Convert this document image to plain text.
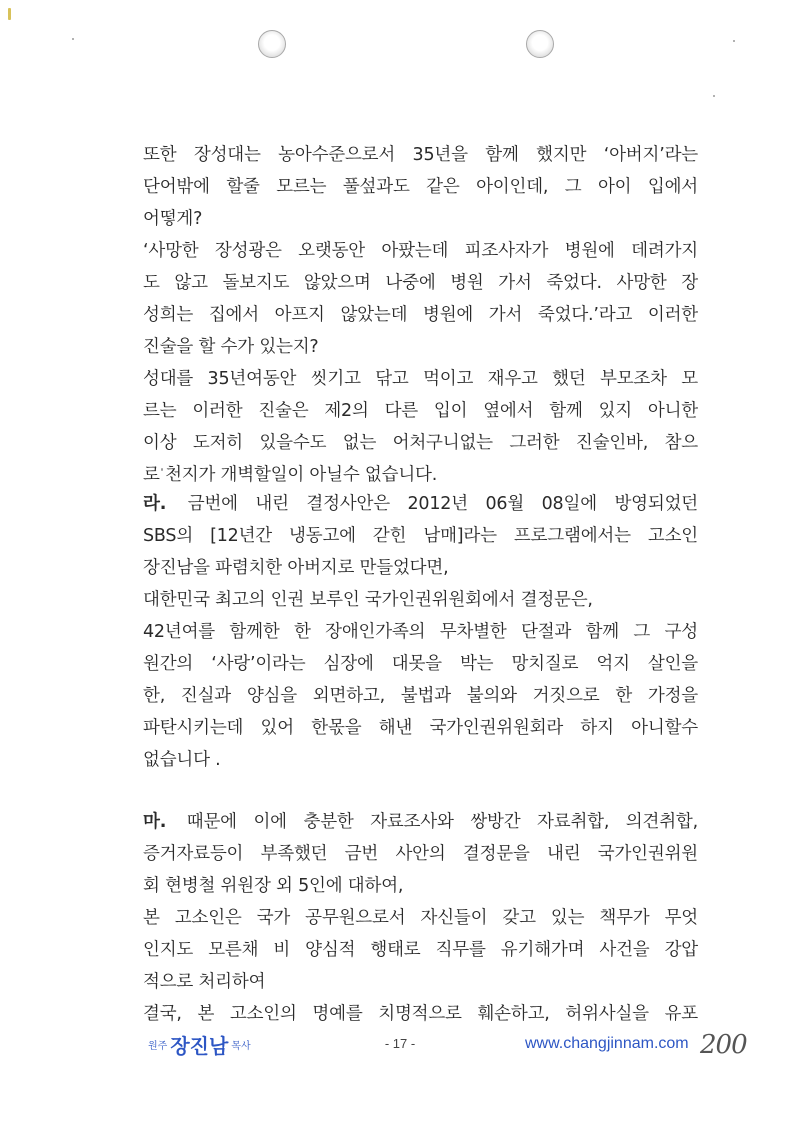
또한 장성대는 농아수준으로서 35년을 함께 했지만 ‘아버지’라는
단어밖에 할줄 모르는 풀섶과도 같은 아이인데, 그 아이 입에서
어떻게?
‘사망한 장성광은 오랫동안 아팠는데 피조사자가 병원에 데려가지
도 않고 돌보지도 않았으며 나중에 병원 가서 죽었다. 사망한 장
성희는 집에서 아프지 않았는데 병원에 가서 죽었다.’라고 이러한
진술을 할 수가 있는지?
성대를 35년여동안 씻기고 닦고 먹이고 재우고 했던 부모조차 모
르는 이러한 진술은 제2의 다른 입이 옆에서 함께 있지 아니한
이상 도저히 있을수도 없는 어처구니없는 그러한 진술인바, 참으
로 천지가 개벽할일이 아닐수 없습니다.
라. 금번에 내린 결정사안은 2012년 06월 08일에 방영되었던
SBS의 [12년간 냉동고에 갇힌 남매]라는 프로그램에서는 고소인
장진남을 파렴치한 아버지로 만들었다면,
대한민국 최고의 인권 보루인 국가인권위원회에서 결정문은,
42년여를 함께한 한 장애인가족의 무차별한 단절과 함께 그 구성
원간의 ‘사랑’이라는 심장에 대못을 박는 망치질로 억지 살인을
한, 진실과 양심을 외면하고, 불법과 불의와 거짓으로 한 가정을
파탄시키는데 있어 한몫을 해낸 국가인권위원회라 하지 아니할수
없습니다 .
마. 때문에 이에 충분한 자료조사와 쌍방간 자료취합, 의견취합,
증거자료등이 부족했던 금번 사안의 결정문을 내린 국가인권위원
회 현병철 위원장 외 5인에 대하여,
본 고소인은 국가 공무원으로서 자신들이 갖고 있는 책무가 무엇
인지도 모른채 비 양심적 행태로 직무를 유기해가며 사건을 강압
적으로 처리하여
결국, 본 고소인의 명예를 치명적으로 훼손하고, 허위사실을 유포
원주 장진남 목사	- 17 -	www.changjinnam.com 200
